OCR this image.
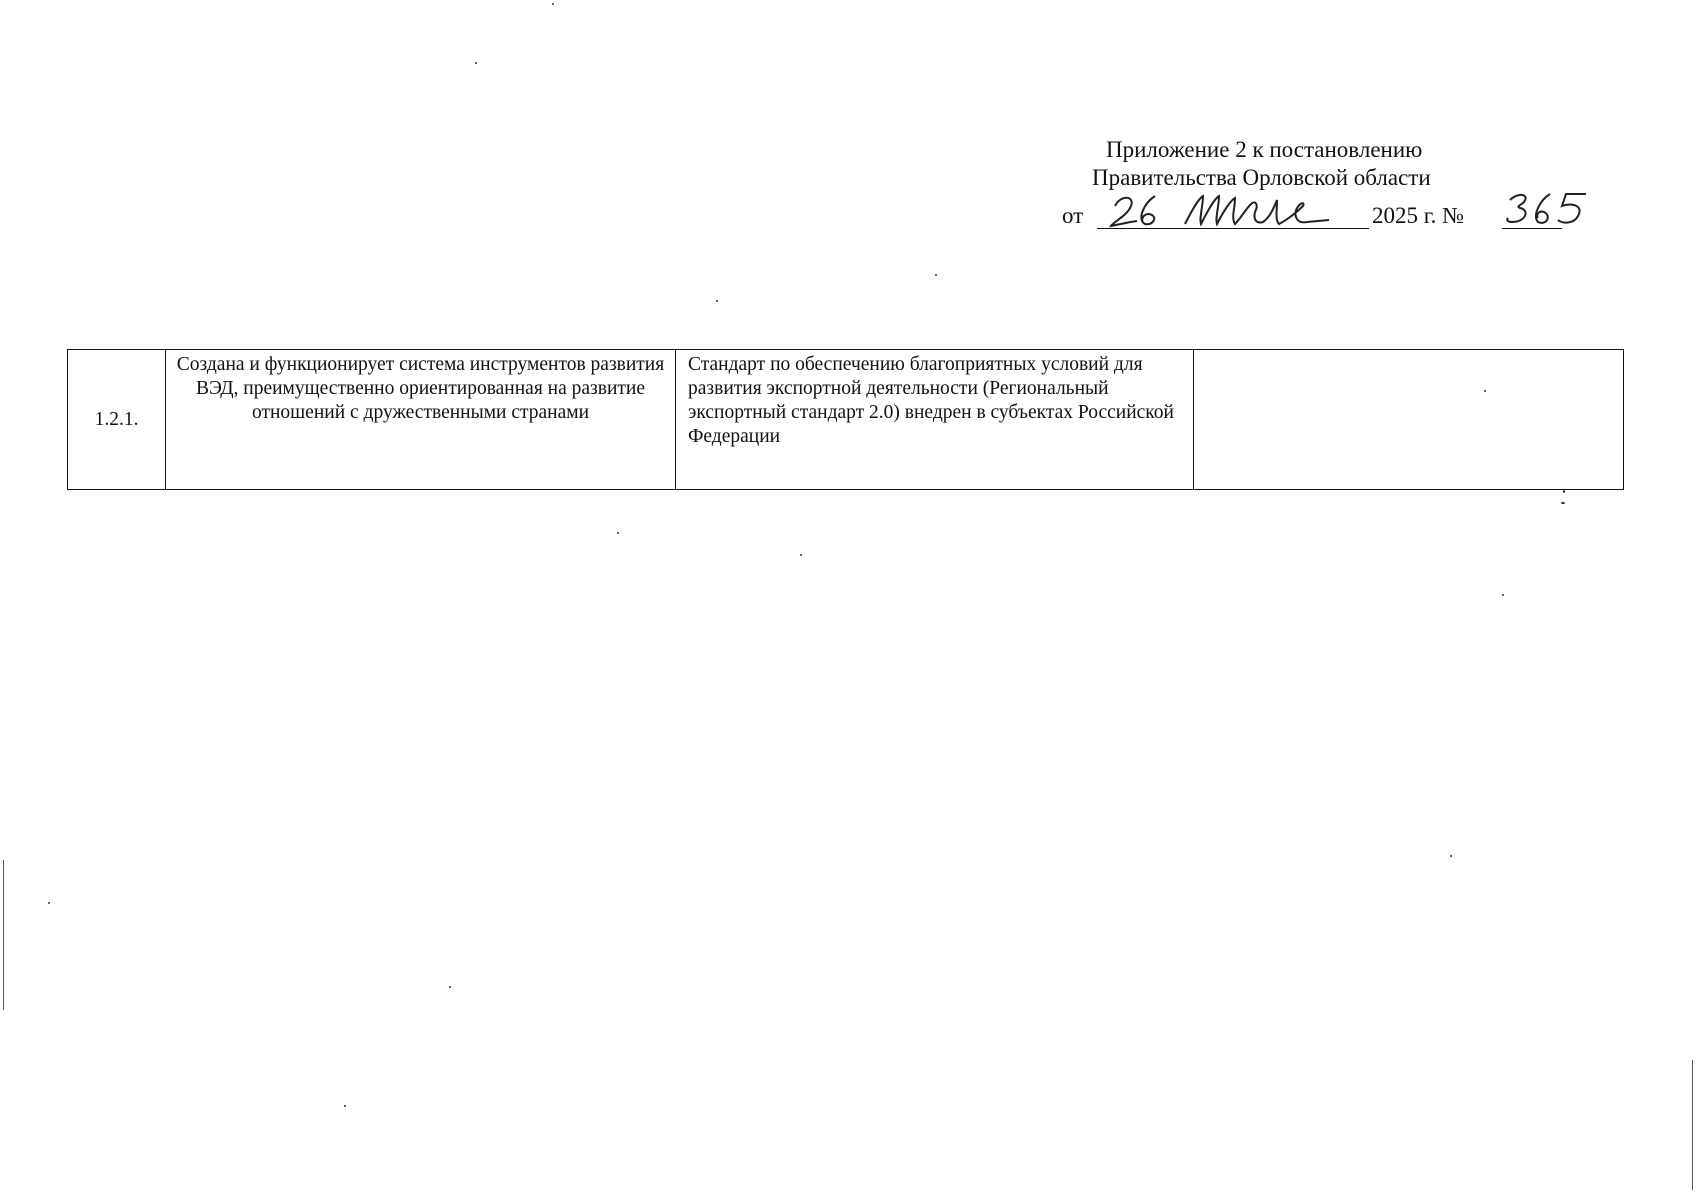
Приложение 2 к постановлению
Правительства Орловской области
от	2025 г. №
1.2.1.	Создана и функционирует система инструментов развития ВЭД, преимущественно ориентированная на развитие отношений с дружественными странами	Стандарт по обеспечению благоприятных условий для развития экспортной деятельности (Региональный экспортный стандарт 2.0) внедрен в субъектах Российской Федерации	
